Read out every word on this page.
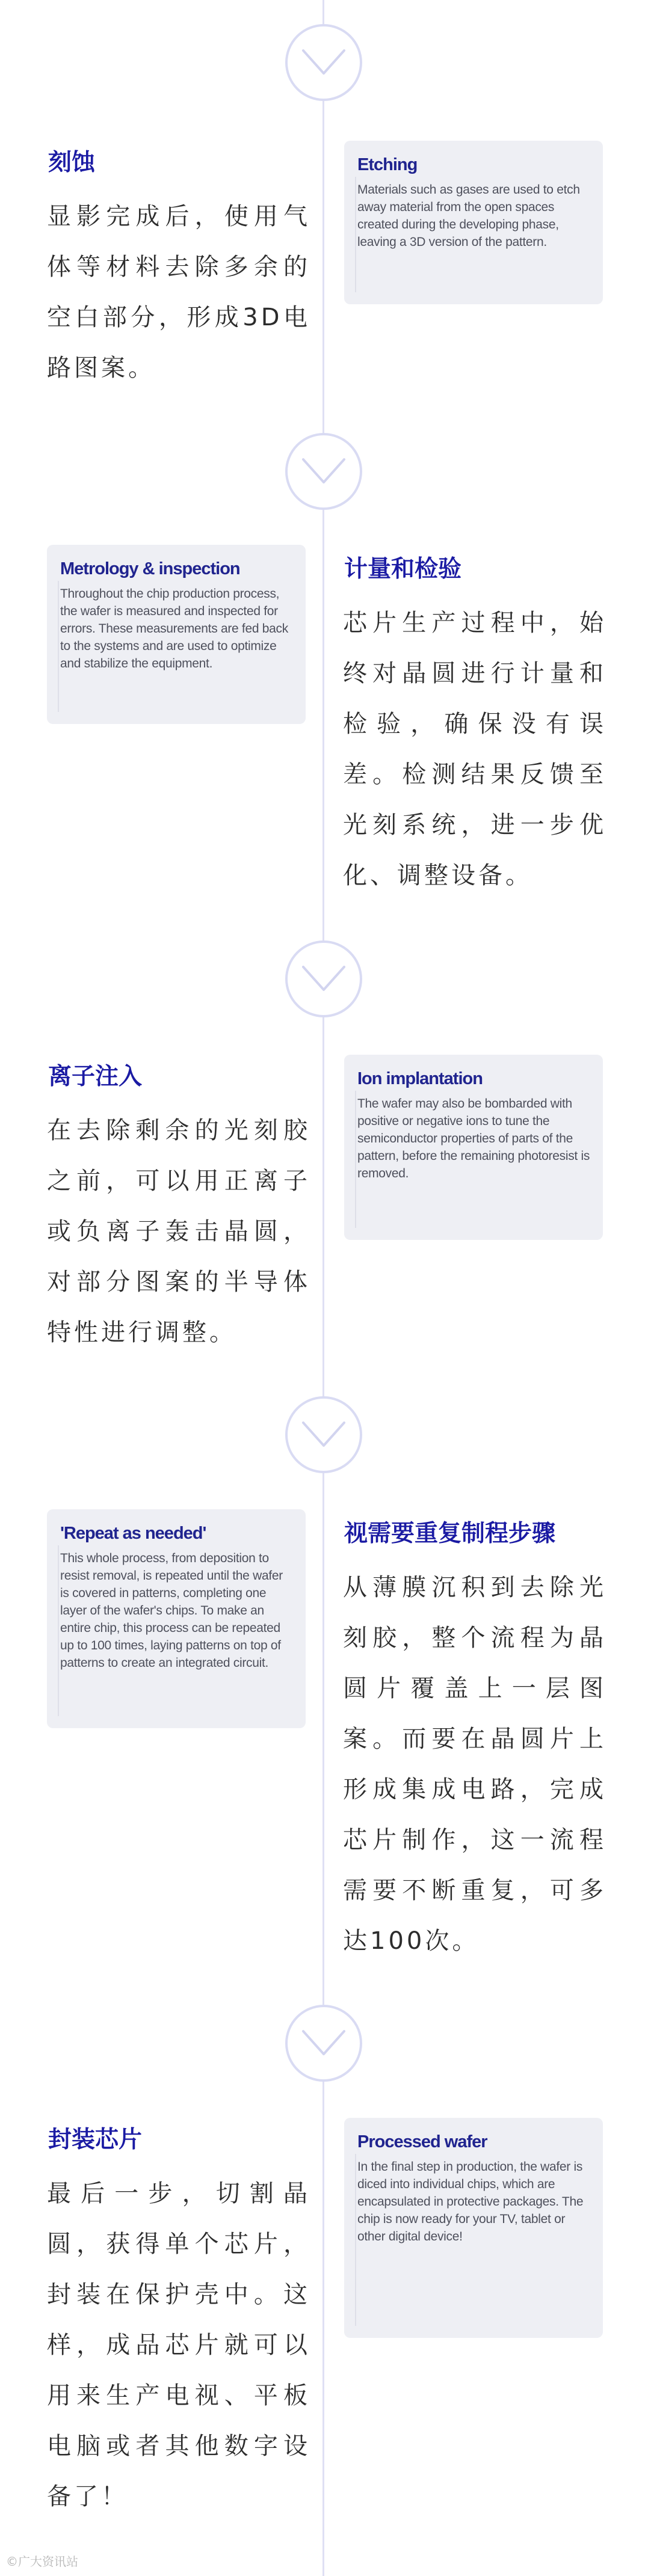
刻蚀

显影完成后，使用气体等材料去除多余的空白部分，形成3D电路图案。

Etching

Materials such as gases are used to etch away material from the open spaces created during the developing phase, leaving a 3D version of the pattern.

Metrology & inspection

Throughout the chip production process, the wafer is measured and inspected for errors. These measurements are fed back to the systems and are used to optimize and stabilize the equipment.

计量和检验

芯片生产过程中，始终对晶圆进行计量和检验，确保没有误差。检测结果反馈至光刻系统，进一步优化、调整设备。

离子注入

在去除剩余的光刻胶之前，可以用正离子或负离子轰击晶圆，对部分图案的半导体特性进行调整。

Ion implantation

The wafer may also be bombarded with positive or negative ions to tune the semiconductor properties of parts of the pattern, before the remaining photoresist is removed.

'Repeat as needed'

This whole process, from deposition to resist removal, is repeated until the wafer is covered in patterns, completing one layer of the wafer's chips. To make an entire chip, this process can be repeated up to 100 times, laying patterns on top of patterns to create an integrated circuit.

视需要重复制程步骤

从薄膜沉积到去除光刻胶，整个流程为晶圆片覆盖上一层图案。而要在晶圆片上形成集成电路，完成芯片制作，这一流程需要不断重复，可多达100次。

封装芯片

最后一步，切割晶圆，获得单个芯片，封装在保护壳中。这样，成品芯片就可以用来生产电视、平板电脑或者其他数字设备了！

Processed wafer

In the final step in production, the wafer is diced into individual chips, which are encapsulated in protective packages. The chip is now ready for your TV, tablet or other digital device!

©广大资讯站
